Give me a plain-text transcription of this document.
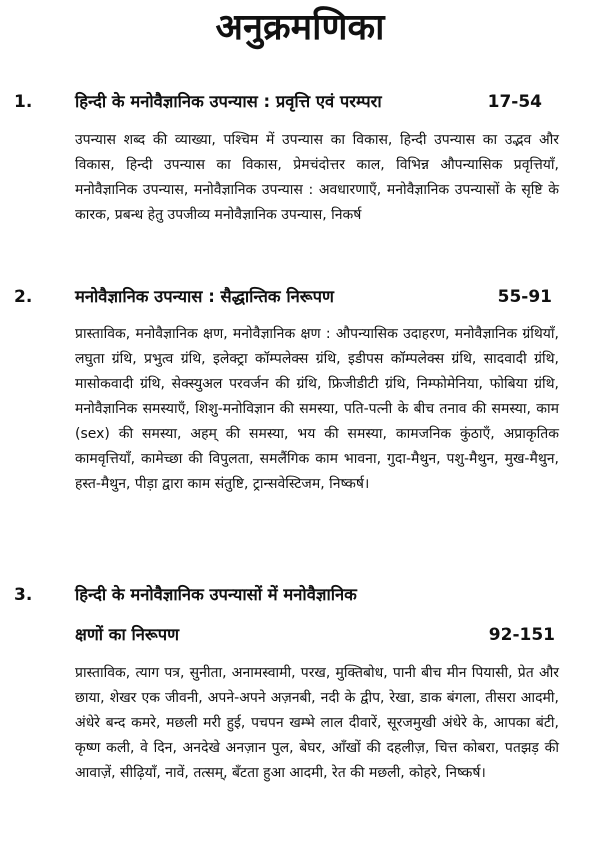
अनुक्रमणिका
1.	हिन्दी के मनोवैज्ञानिक उपन्यास : प्रवृत्ति एवं परम्परा	17-54
उपन्यास शब्द की व्याख्या, पश्चिम में उपन्यास का विकास, हिन्दी उपन्यास का उद्भव और विकास, हिन्दी उपन्यास का विकास, प्रेमचंदोत्तर काल, विभिन्न औपन्यासिक प्रवृत्तियाँ, मनोवैज्ञानिक उपन्यास, मनोवैज्ञानिक उपन्यास : अवधारणाएँ, मनोवैज्ञानिक उपन्यासों के सृष्टि के कारक, प्रबन्ध हेतु उपजीव्य मनोवैज्ञानिक उपन्यास, निकर्ष
2.	मनोवैज्ञानिक उपन्यास : सैद्धान्तिक निरूपण	55-91
प्रास्ताविक, मनोवैज्ञानिक क्षण, मनोवैज्ञानिक क्षण : औपन्यासिक उदाहरण, मनोवैज्ञानिक ग्रंथियाँ, लघुता ग्रंथि, प्रभुत्व ग्रंथि, इलेक्ट्रा कॉम्पलेक्स ग्रंथि, इडीपस कॉम्पलेक्स ग्रंथि, सादवादी ग्रंथि, मासोकवादी ग्रंथि, सेक्स्युअल परवर्जन की ग्रंथि, फ्रिजीडीटी ग्रंथि, निम्फोमेनिया, फोबिया ग्रंथि, मनोवैज्ञानिक समस्याएँ, शिशु-मनोविज्ञान की समस्या, पति-पत्नी के बीच तनाव की समस्या, काम (sex) की समस्या, अहम् की समस्या, भय की समस्या, कामजनिक कुंठाएँ, अप्राकृतिक कामवृत्तियाँ, कामेच्छा की विपुलता, समलैंगिक काम भावना, गुदा-मैथुन, पशु-मैथुन, मुख-मैथुन, हस्त-मैथुन, पीड़ा द्वारा काम संतुष्टि, ट्रान्सवेस्टिजम, निष्कर्ष।
3.	हिन्दी के मनोवैज्ञानिक उपन्यासों में मनोवैज्ञानिक
क्षणों का निरूपण	92-151
प्रास्ताविक, त्याग पत्र, सुनीता, अनामस्वामी, परख, मुक्तिबोध, पानी बीच मीन पियासी, प्रेत और छाया, शेखर एक जीवनी, अपने-अपने अज़नबी, नदी के द्वीप, रेखा, डाक बंगला, तीसरा आदमी, अंधेरे बन्द कमरे, मछली मरी हुई, पचपन खम्भे लाल दीवारें, सूरजमुखी अंधेरे के, आपका बंटी, कृष्ण कली, वे दिन, अनदेखे अनज़ान पुल, बेघर, आँखों की दहलीज़, चित्त कोबरा, पतझड़ की आवाज़ें, सीढ़ियाँ, नावें, तत्सम्, बँटता हुआ आदमी, रेत की मछली, कोहरे, निष्कर्ष।
